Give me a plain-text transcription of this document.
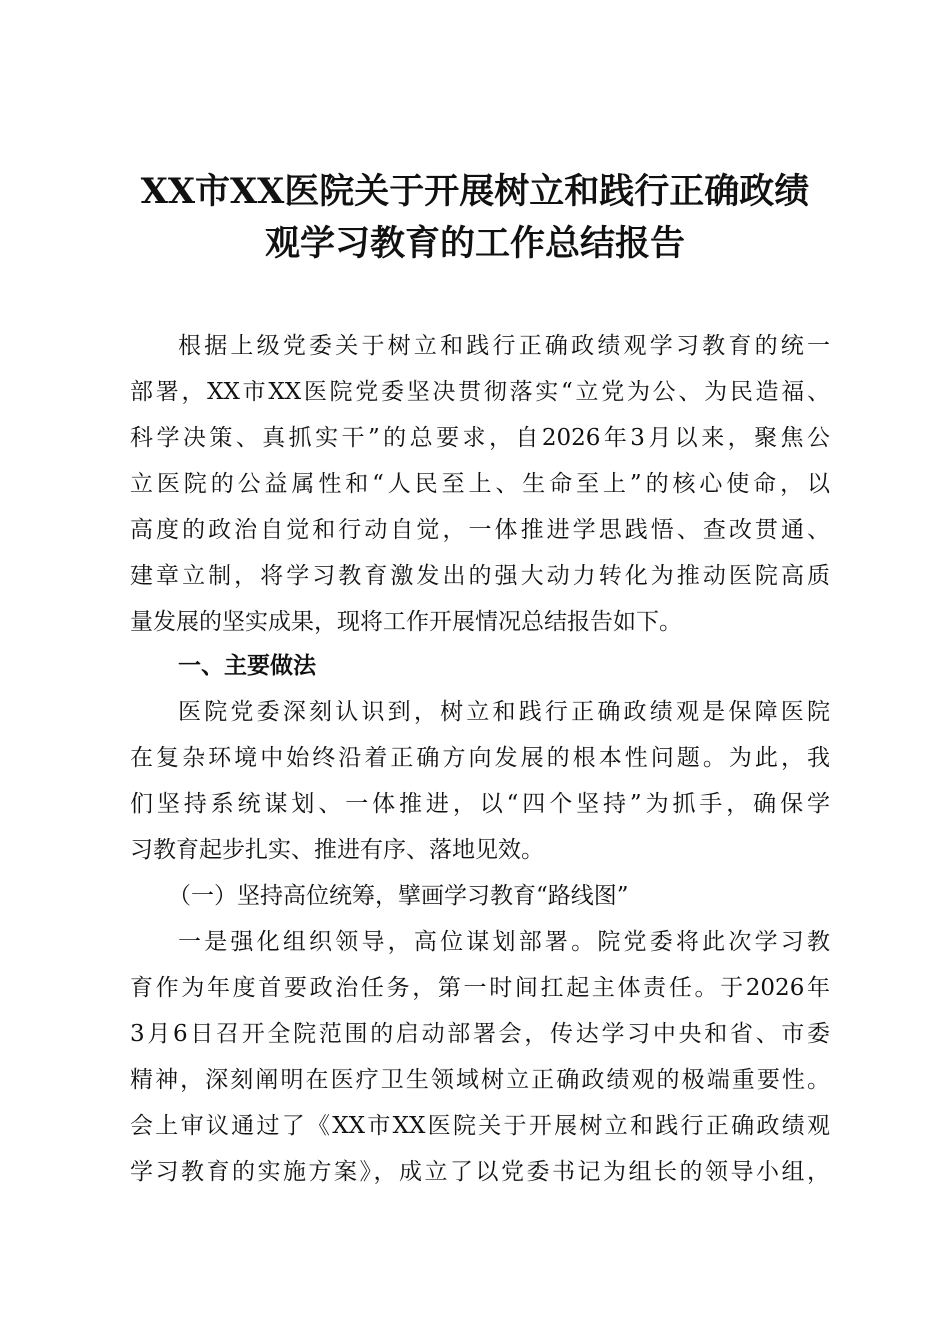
XX市XX医院关于开展树立和践行正确政绩
观学习教育的工作总结报告
根据上级党委关于树立和践行正确政绩观学习教育的统一
部署，XX市XX医院党委坚决贯彻落实“立党为公、为民造福、
科学决策、真抓实干”的总要求，自2026年3月以来，聚焦公
立医院的公益属性和“人民至上、生命至上”的核心使命，以
高度的政治自觉和行动自觉，一体推进学思践悟、查改贯通、
建章立制，将学习教育激发出的强大动力转化为推动医院高质
量发展的坚实成果，现将工作开展情况总结报告如下。
一、主要做法
医院党委深刻认识到，树立和践行正确政绩观是保障医院
在复杂环境中始终沿着正确方向发展的根本性问题。为此，我
们坚持系统谋划、一体推进，以“四个坚持”为抓手，确保学
习教育起步扎实、推进有序、落地见效。
（一）坚持高位统筹，擘画学习教育“路线图”
一是强化组织领导，高位谋划部署。院党委将此次学习教
育作为年度首要政治任务，第一时间扛起主体责任。于2026年
3月6日召开全院范围的启动部署会，传达学习中央和省、市委
精神，深刻阐明在医疗卫生领域树立正确政绩观的极端重要性。
会上审议通过了《XX市XX医院关于开展树立和践行正确政绩观
学习教育的实施方案》，成立了以党委书记为组长的领导小组，
